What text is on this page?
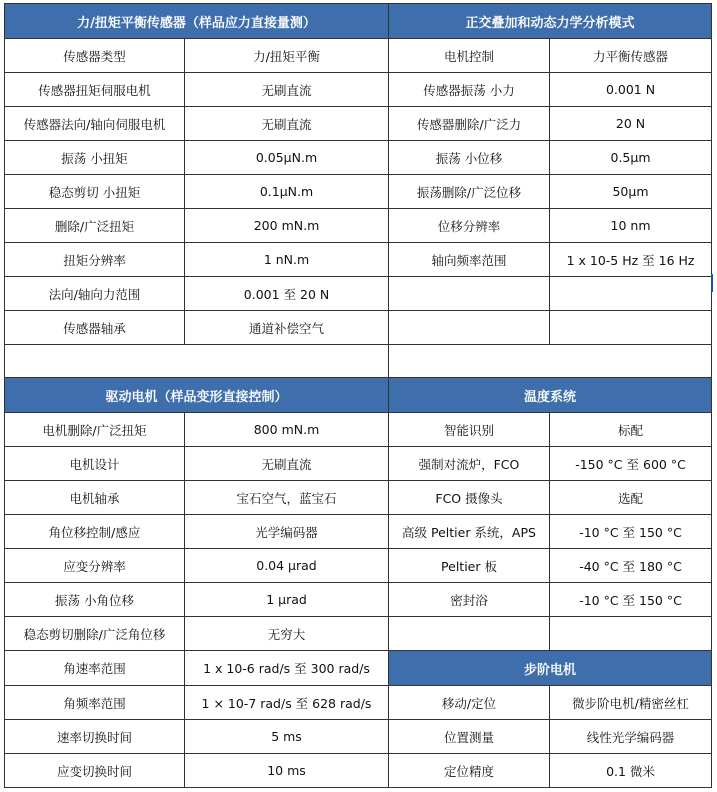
力/扭矩平衡传感器（样品应力直接量测）		正交叠加和动态力学分析模式	
传感器类型	力/扭矩平衡	电机控制	力平衡传感器
传感器扭矩伺服电机	无刷直流	传感器振荡 小力	0.001 N
传感器法向/轴向伺服电机	无刷直流	传感器删除/广泛力	20 N
振荡 小扭矩	0.05μN.m	振荡 小位移	0.5μm
稳态剪切 小扭矩	0.1μN.m	振荡删除/广泛位移	50μm
删除/广泛扭矩	200 mN.m	位移分辨率	10 nm
扭矩分辨率	1 nN.m	轴向频率范围	1 x 10-5 Hz 至 16 Hz
法向/轴向力范围	0.001 至 20 N		
传感器轴承	通道补偿空气		

驱动电机（样品变形直接控制）		温度系统	
电机删除/广泛扭矩	800 mN.m	智能识别	标配
电机设计	无刷直流	强制对流炉，FCO	-150 °C 至 600 °C
电机轴承	宝石空气，蓝宝石	FCO 摄像头	选配
角位移控制/感应	光学编码器	高级 Peltier 系统，APS	-10 °C 至 150 °C
应变分辨率	0.04 μrad	Peltier 板	-40 °C 至 180 °C
振荡 小角位移	1 μrad	密封浴	-10 °C 至 150 °C
稳态剪切删除/广泛角位移	无穷大		
角速率范围	1 x 10-6 rad/s 至 300 rad/s	步阶电机	
角频率范围	1 × 10-7 rad/s 至 628 rad/s	移动/定位	微步阶电机/精密丝杠
速率切换时间	5 ms	位置测量	线性光学编码器
应变切换时间	10 ms	定位精度	0.1 微米
